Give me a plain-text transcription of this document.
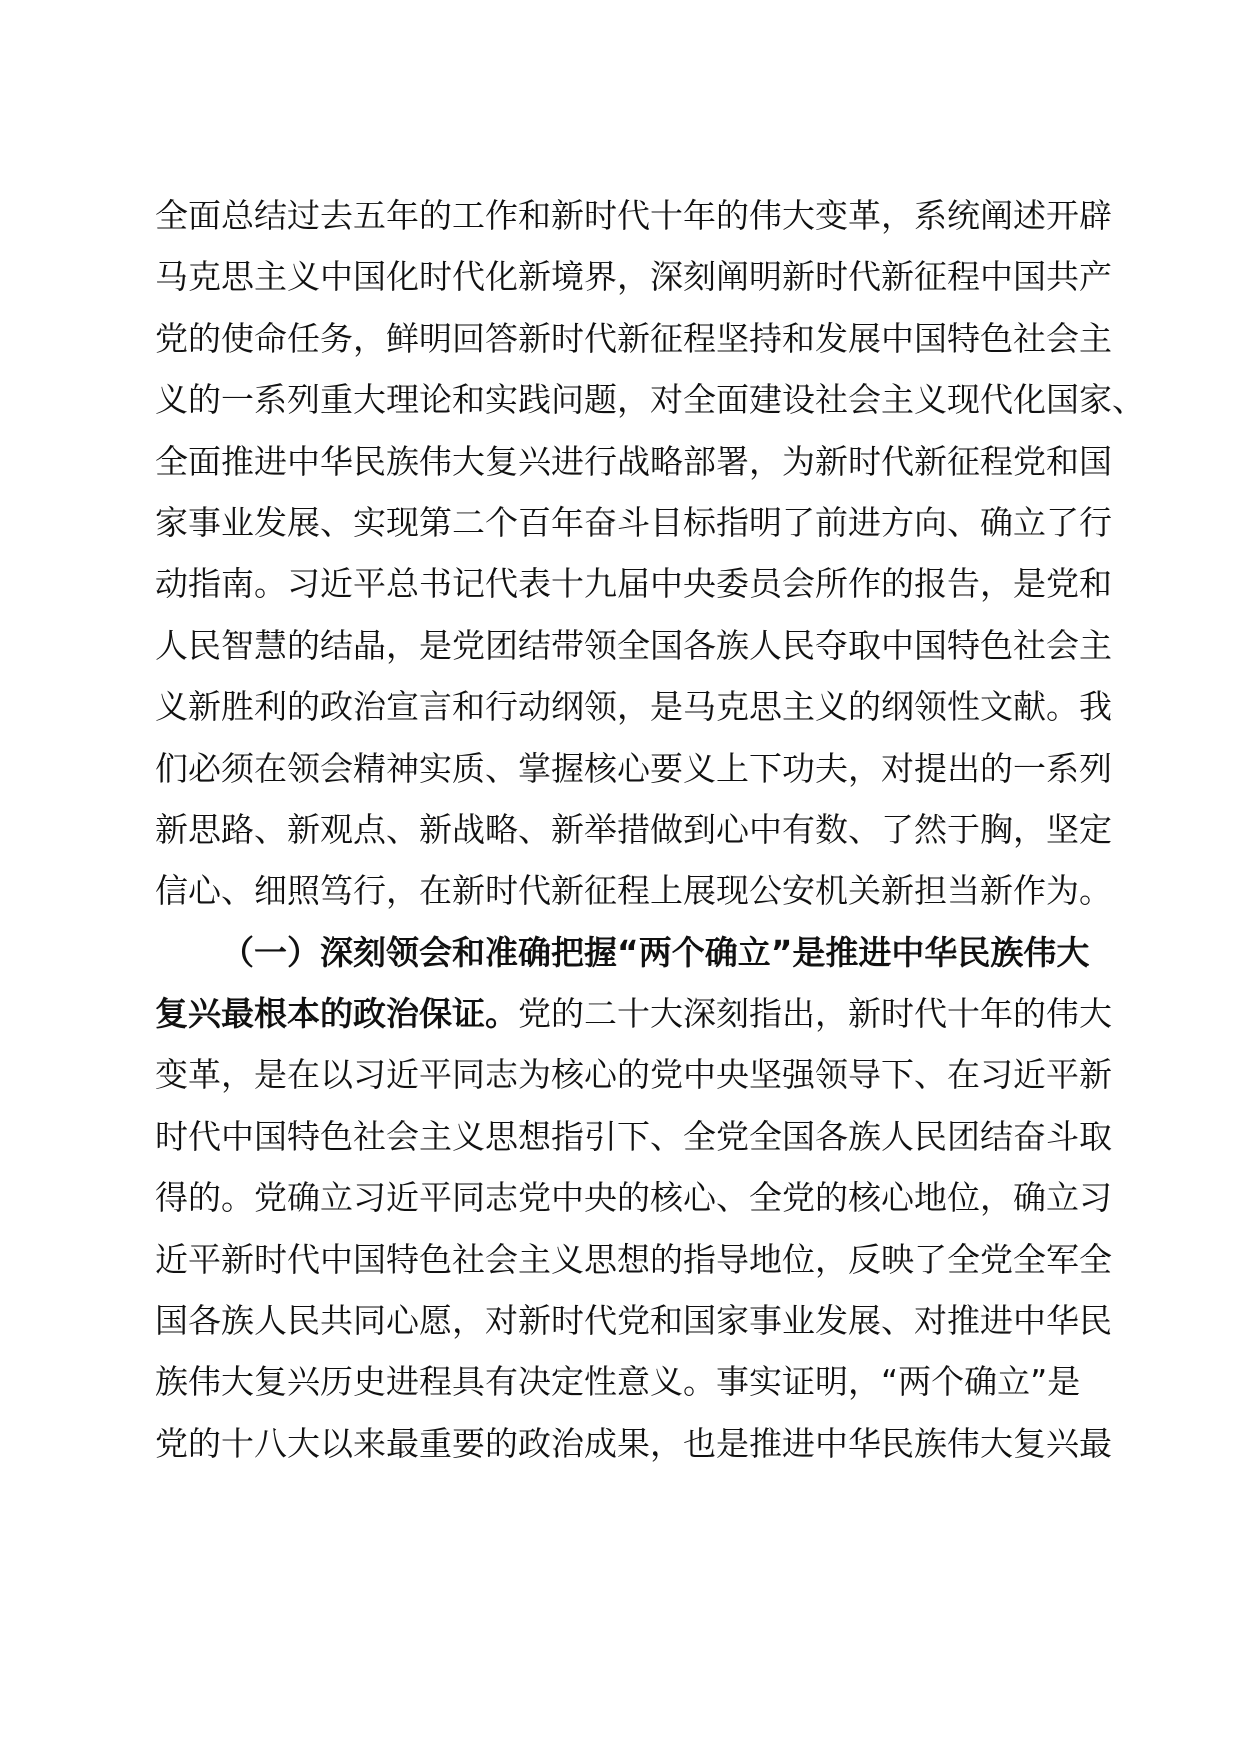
全面总结过去五年的工作和新时代十年的伟大变革，系统阐述开辟
马克思主义中国化时代化新境界，深刻阐明新时代新征程中国共产
党的使命任务，鲜明回答新时代新征程坚持和发展中国特色社会主
义的一系列重大理论和实践问题，对全面建设社会主义现代化国家、
全面推进中华民族伟大复兴进行战略部署，为新时代新征程党和国
家事业发展、实现第二个百年奋斗目标指明了前进方向、确立了行
动指南。习近平总书记代表十九届中央委员会所作的报告，是党和
人民智慧的结晶，是党团结带领全国各族人民夺取中国特色社会主
义新胜利的政治宣言和行动纲领，是马克思主义的纲领性文献。我
们必须在领会精神实质、掌握核心要义上下功夫，对提出的一系列
新思路、新观点、新战略、新举措做到心中有数、了然于胸，坚定
信心、细照笃行，在新时代新征程上展现公安机关新担当新作为。
（一）深刻领会和准确把握“两个确立”是推进中华民族伟大
复兴最根本的政治保证。党的二十大深刻指出，新时代十年的伟大
变革，是在以习近平同志为核心的党中央坚强领导下、在习近平新
时代中国特色社会主义思想指引下、全党全国各族人民团结奋斗取
得的。党确立习近平同志党中央的核心、全党的核心地位，确立习
近平新时代中国特色社会主义思想的指导地位，反映了全党全军全
国各族人民共同心愿，对新时代党和国家事业发展、对推进中华民
族伟大复兴历史进程具有决定性意义。事实证明，“两个确立”是
党的十八大以来最重要的政治成果，也是推进中华民族伟大复兴最
